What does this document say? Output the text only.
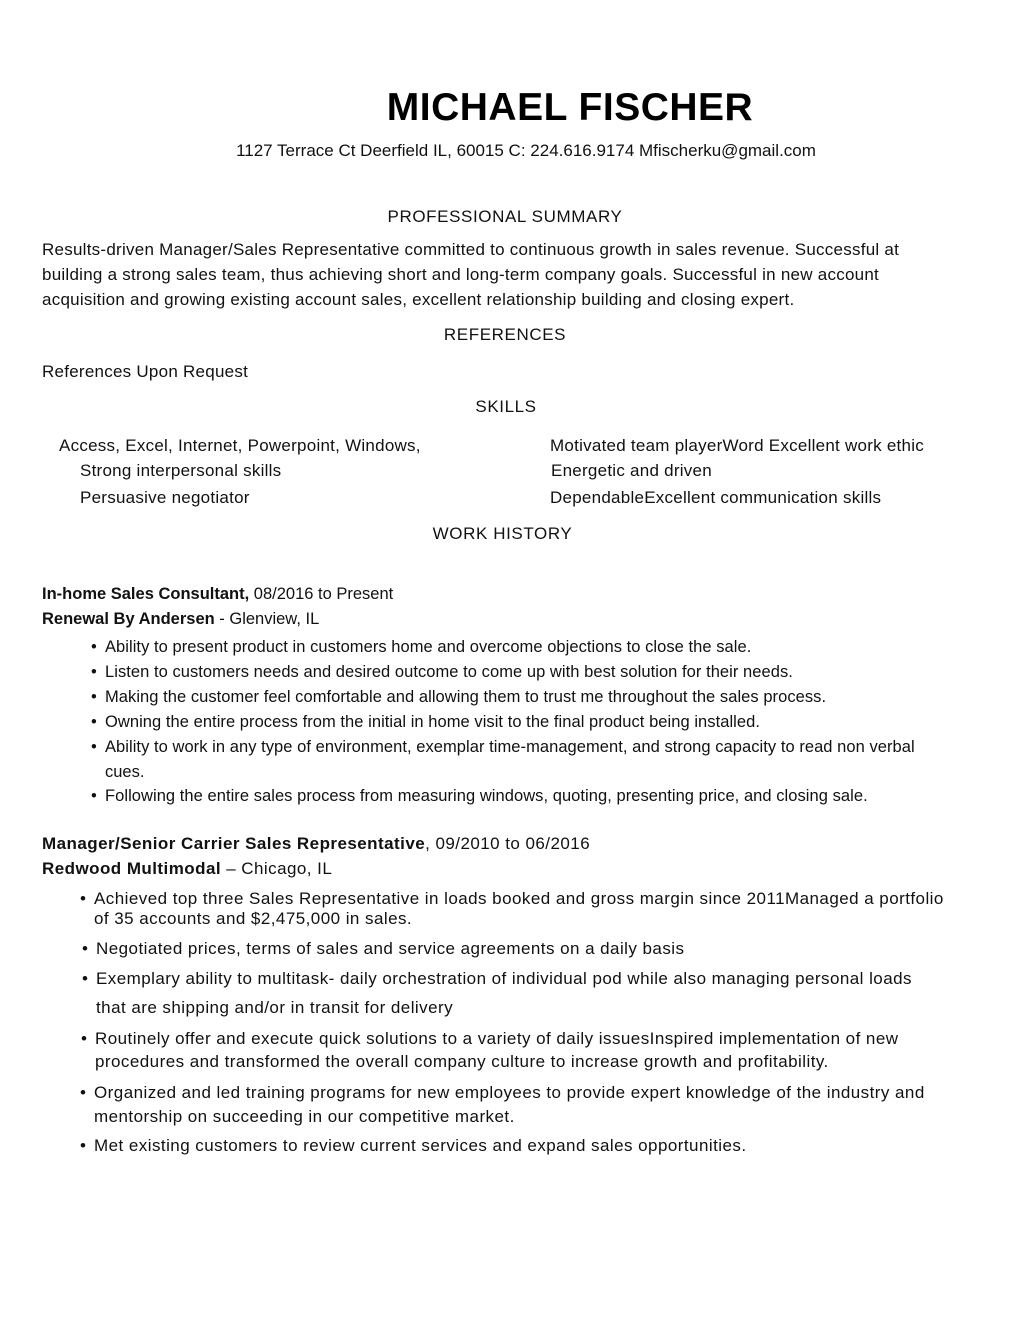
MICHAEL FISCHER
1127 Terrace Ct Deerfield IL, 60015 C: 224.616.9174 Mfischerku@gmail.com
PROFESSIONAL SUMMARY
Results-driven Manager/Sales Representative committed to continuous growth in sales revenue. Successful at
building a strong sales team, thus achieving short and long-term company goals. Successful in new account
acquisition and growing existing account sales, excellent relationship building and closing expert.
REFERENCES
References Upon Request
SKILLS
Access, Excel, Internet, Powerpoint, Windows,
Strong interpersonal skills
Persuasive negotiator
Motivated team playerWord Excellent work ethic
Energetic and driven
DependableExcellent communication skills
WORK HISTORY
In-home Sales Consultant, 08/2016 to Present
Renewal By Andersen - Glenview, IL
• Ability to present product in customers home and overcome objections to close the sale.
• Listen to customers needs and desired outcome to come up with best solution for their needs.
• Making the customer feel comfortable and allowing them to trust me throughout the sales process.
• Owning the entire process from the initial in home visit to the final product being installed.
• Ability to work in any type of environment, exemplar time-management, and strong capacity to read non verbal
• Following the entire sales process from measuring windows, quoting, presenting price, and closing sale.
cues.
Manager/Senior Carrier Sales Representative, 09/2010 to 06/2016
Redwood Multimodal – Chicago, IL
• Achieved top three Sales Representative in loads booked and gross margin since 2011Managed a portfolio
• Negotiated prices, terms of sales and service agreements on a daily basis
• Exemplary ability to multitask- daily orchestration of individual pod while also managing personal loads
• Routinely offer and execute quick solutions to a variety of daily issuesInspired implementation of new
• Organized and led training programs for new employees to provide expert knowledge of the industry and
• Met existing customers to review current services and expand sales opportunities.
of 35 accounts and $2,475,000 in sales.
that are shipping and/or in transit for delivery
procedures and transformed the overall company culture to increase growth and profitability.
mentorship on succeeding in our competitive market.
